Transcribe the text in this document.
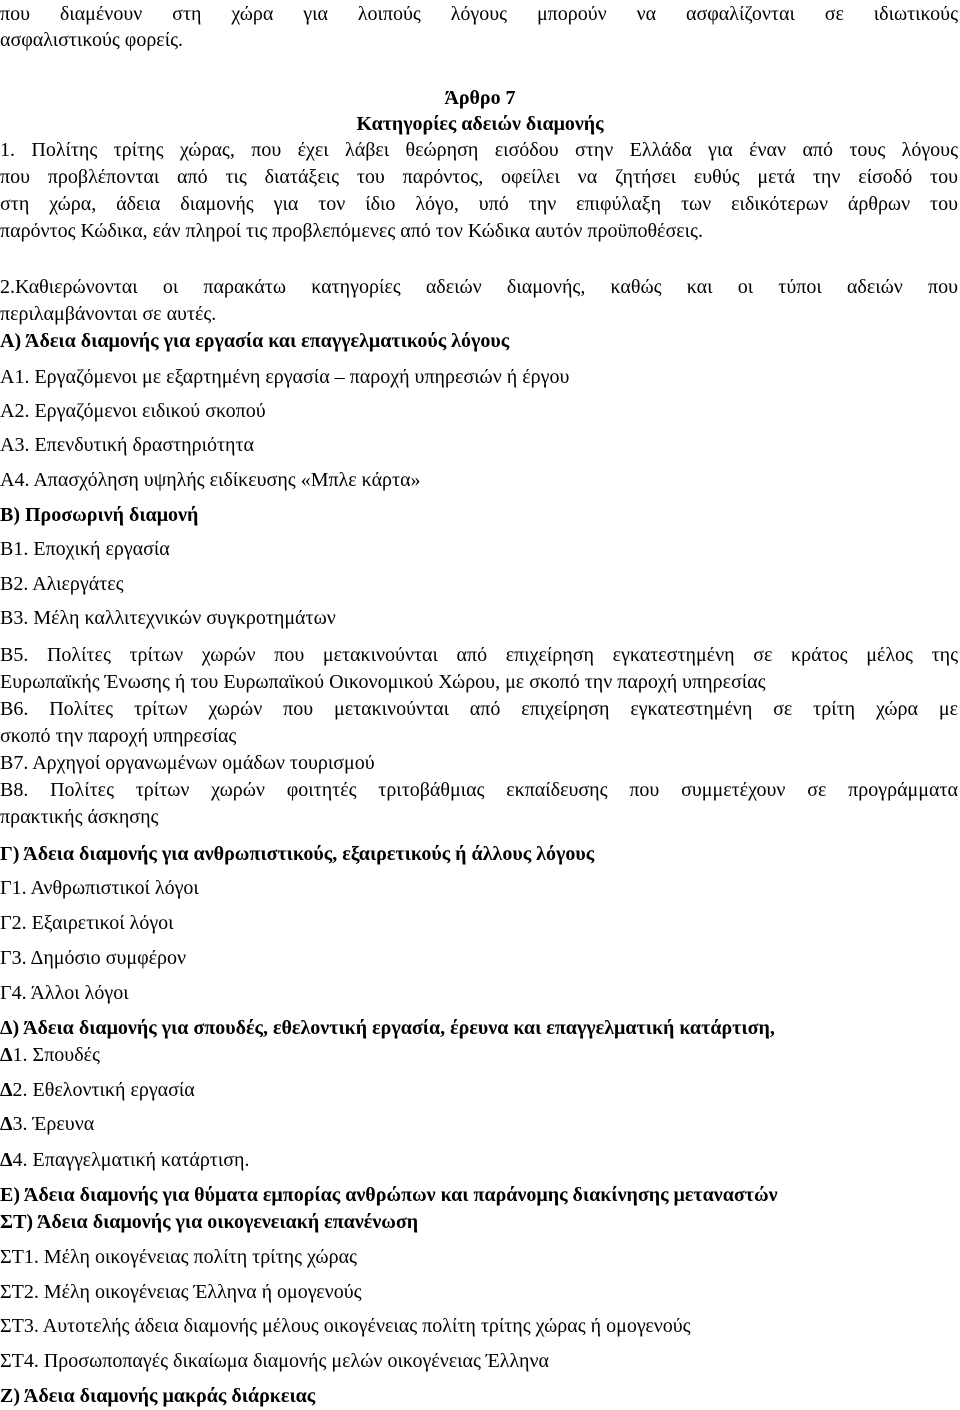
που διαμένουν στη χώρα για λοιπούς λόγους μπορούν να ασφαλίζονται σε ιδιωτικούς

ασφαλιστικούς φορείς.

Άρθρο 7

Κατηγορίες αδειών διαμονής

1. Πολίτης τρίτης χώρας, που έχει λάβει θεώρηση εισόδου στην Ελλάδα για έναν από τους λόγους

που προβλέπονται από τις διατάξεις του παρόντος, οφείλει να ζητήσει ευθύς μετά την είσοδό του

στη χώρα, άδεια διαμονής για τον ίδιο λόγο, υπό την επιφύλαξη των ειδικότερων άρθρων του

παρόντος Κώδικα, εάν πληροί τις προβλεπόμενες από τον Κώδικα αυτόν προϋποθέσεις.

2.Καθιερώνονται οι παρακάτω κατηγορίες αδειών διαμονής, καθώς και οι τύποι αδειών που

περιλαμβάνονται σε αυτές.

Α) Άδεια διαμονής για εργασία και επαγγελματικούς λόγους

Α1. Εργαζόμενοι με εξαρτημένη εργασία – παροχή υπηρεσιών ή έργου

Α2. Εργαζόμενοι ειδικού σκοπού

Α3. Επενδυτική δραστηριότητα

Α4. Απασχόληση υψηλής ειδίκευσης «Μπλε κάρτα»

Β) Προσωρινή διαμονή

Β1. Εποχική εργασία

Β2. Αλιεργάτες

Β3. Μέλη καλλιτεχνικών συγκροτημάτων

Β5. Πολίτες τρίτων χωρών που μετακινούνται από επιχείρηση εγκατεστημένη σε κράτος μέλος της

Ευρωπαϊκής Ένωσης ή του Ευρωπαϊκού Οικονομικού Χώρου, με σκοπό την παροχή υπηρεσίας

Β6. Πολίτες τρίτων χωρών που μετακινούνται από επιχείρηση εγκατεστημένη σε τρίτη χώρα με

σκοπό την παροχή υπηρεσίας

Β7. Αρχηγοί οργανωμένων ομάδων τουρισμού

Β8. Πολίτες τρίτων χωρών φοιτητές τριτοβάθμιας εκπαίδευσης που συμμετέχουν σε προγράμματα

πρακτικής άσκησης

Γ) Άδεια διαμονής για ανθρωπιστικούς, εξαιρετικούς ή άλλους λόγους

Γ1. Ανθρωπιστικοί λόγοι

Γ2. Εξαιρετικοί λόγοι

Γ3. Δημόσιο συμφέρον

Γ4. Άλλοι λόγοι

Δ) Άδεια διαμονής για σπουδές, εθελοντική εργασία, έρευνα και επαγγελματική κατάρτιση,

Δ1. Σπουδές

Δ2. Εθελοντική εργασία

Δ3. Έρευνα

Δ4. Επαγγελματική κατάρτιση.

Ε) Άδεια διαμονής για θύματα εμπορίας ανθρώπων και παράνομης διακίνησης μεταναστών

ΣΤ) Άδεια διαμονής για οικογενειακή επανένωση

ΣΤ1. Μέλη οικογένειας πολίτη τρίτης χώρας

ΣΤ2. Μέλη οικογένειας Έλληνα ή ομογενούς

ΣΤ3. Αυτοτελής άδεια διαμονής μέλους οικογένειας πολίτη τρίτης χώρας ή ομογενούς

ΣΤ4. Προσωποπαγές δικαίωμα διαμονής μελών οικογένειας Έλληνα

Ζ) Άδεια διαμονής μακράς διάρκειας
